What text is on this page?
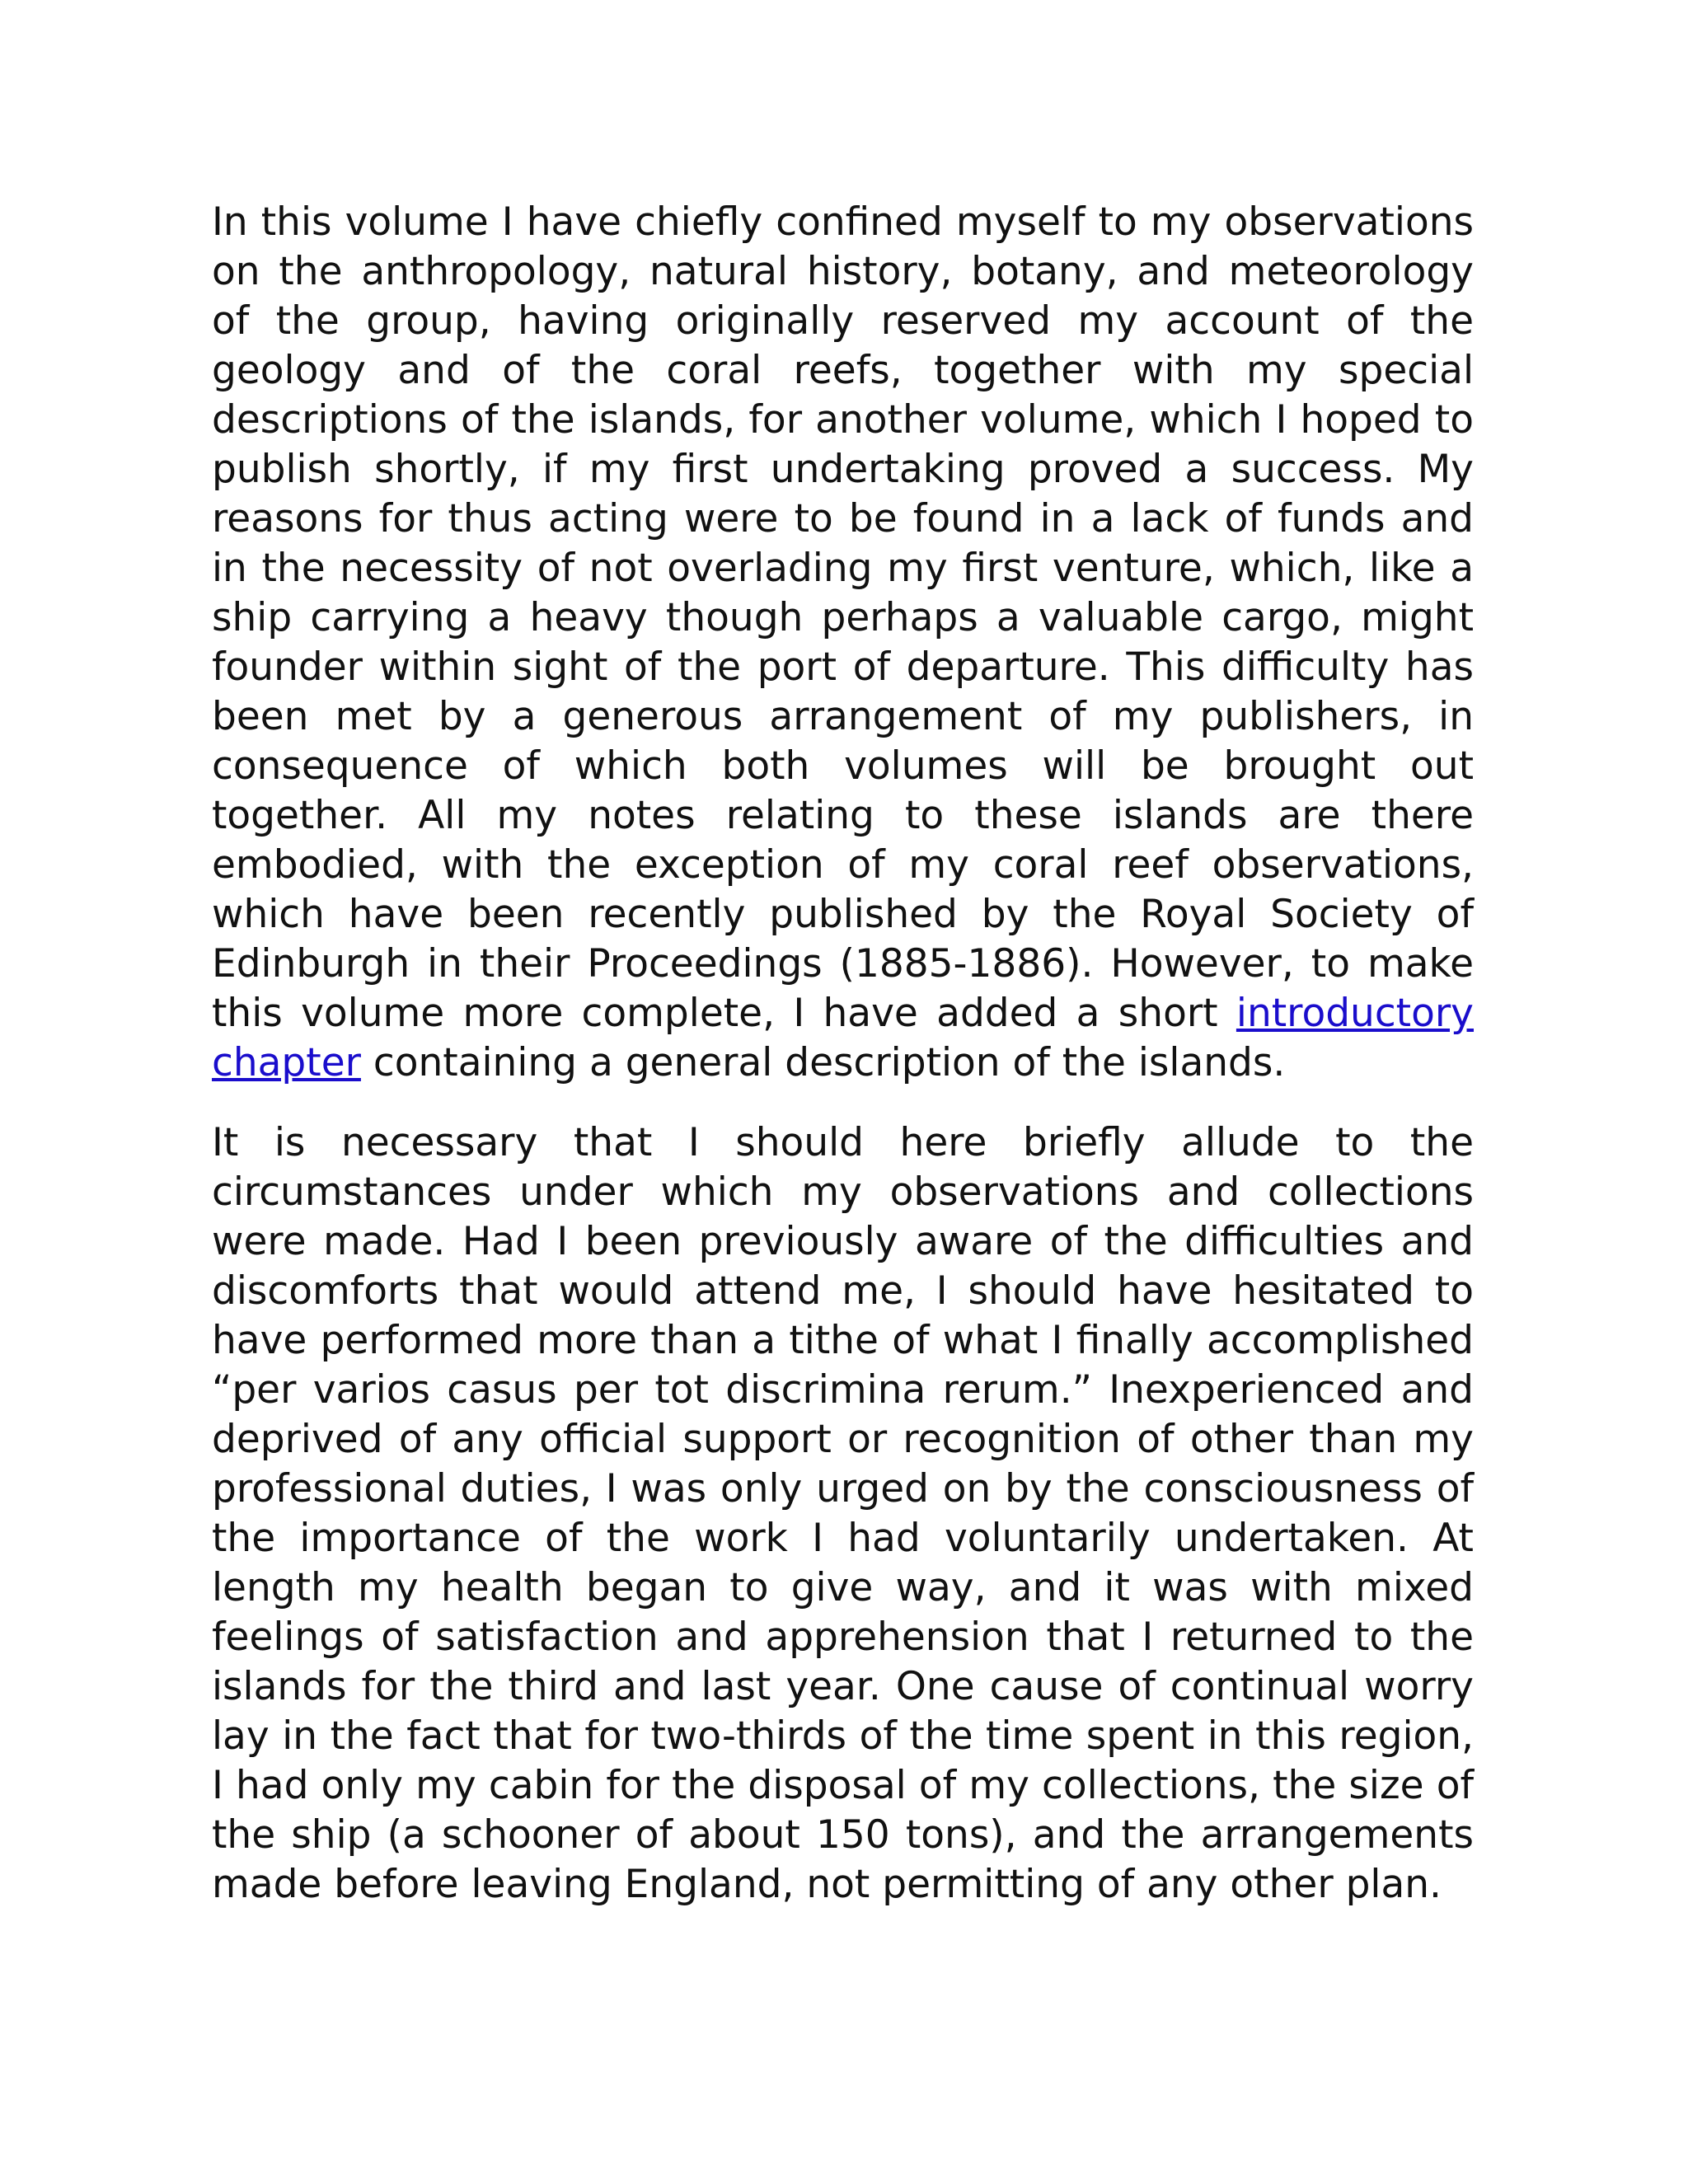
In this volume I have chiefly confined myself to my observations on the anthropology, natural history, botany, and meteorology of the group, having originally reserved my account of the geology and of the coral reefs, together with my special descriptions of the islands, for another volume, which I hoped to publish shortly, if my first undertaking proved a success. My reasons for thus acting were to be found in a lack of funds and in the necessity of not overlading my first venture, which, like a ship carrying a heavy though perhaps a valuable cargo, might founder within sight of the port of departure. This difficulty has been met by a generous arrangement of my publishers, in consequence of which both volumes will be brought out together. All my notes relating to these islands are there embodied, with the exception of my coral reef observations, which have been recently published by the Royal Society of Edinburgh in their Proceedings (1885-1886). However, to make this volume more complete, I have added a short introductory chapter containing a general description of the islands.

It is necessary that I should here briefly allude to the circumstances under which my observations and collections were made. Had I been previously aware of the difficulties and discomforts that would attend me, I should have hesitated to have performed more than a tithe of what I finally accomplished “per varios casus per tot discrimina rerum.” Inexperienced and deprived of any official support or recognition of other than my professional duties, I was only urged on by the consciousness of the importance of the work I had voluntarily undertaken. At length my health began to give way, and it was with mixed feelings of satisfaction and apprehension that I returned to the islands for the third and last year. One cause of continual worry lay in the fact that for two-thirds of the time spent in this region, I had only my cabin for the disposal of my collections, the size of the ship (a schooner of about 150 tons), and the arrangements made before leaving England, not permitting of any other plan.
